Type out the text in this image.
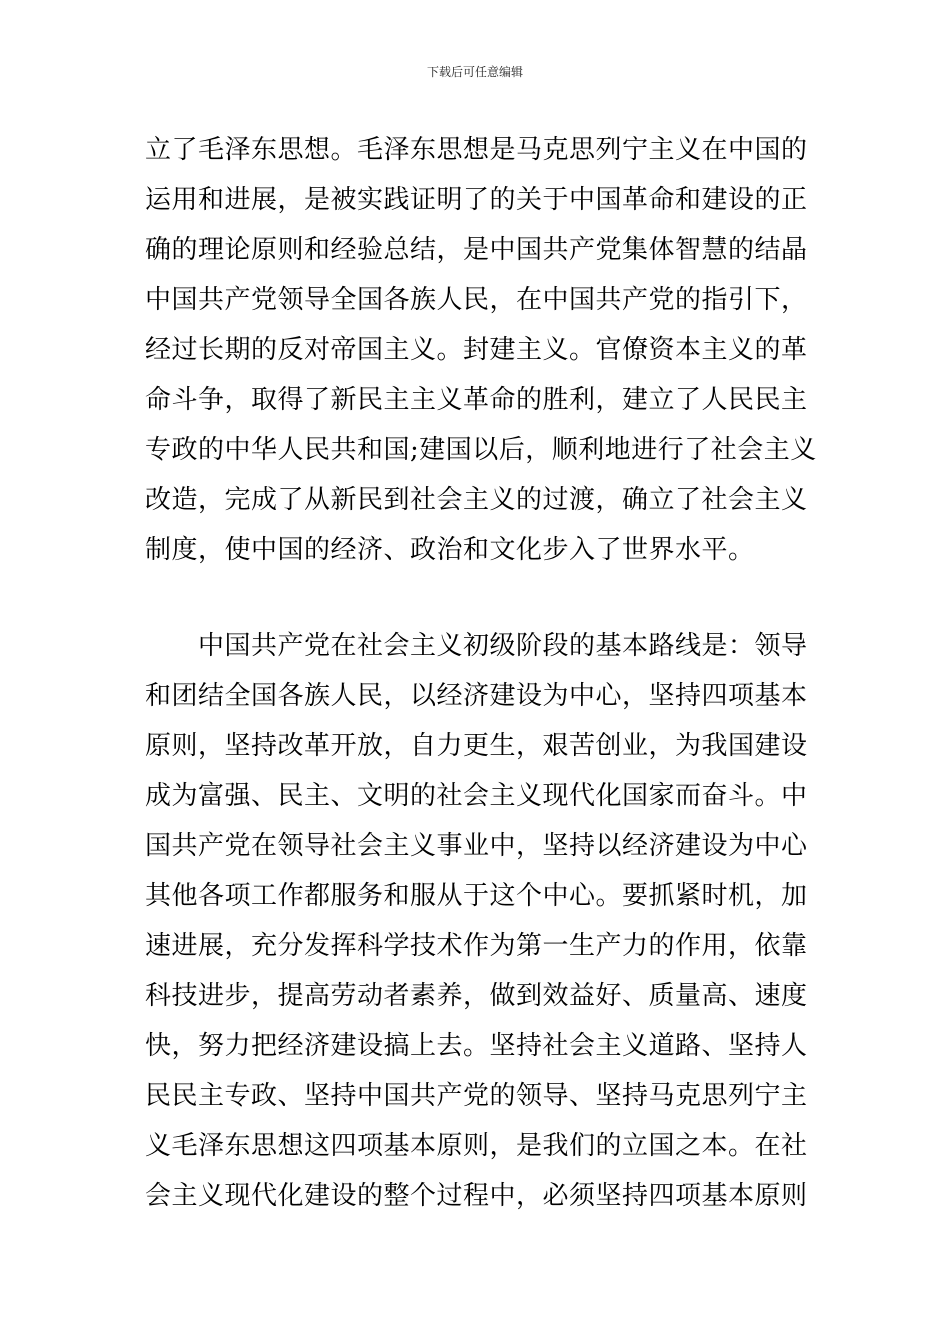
下载后可任意编辑
立了毛泽东思想。毛泽东思想是马克思列宁主义在中国的
运用和进展，是被实践证明了的关于中国革命和建设的正
确的理论原则和经验总结，是中国共产党集体智慧的结晶
中国共产党领导全国各族人民，在中国共产党的指引下，
经过长期的反对帝国主义。封建主义。官僚资本主义的革
命斗争，取得了新民主主义革命的胜利，建立了人民民主
专政的中华人民共和国;建国以后，顺利地进行了社会主义
改造，完成了从新民到社会主义的过渡，确立了社会主义
制度，使中国的经济、政治和文化步入了世界水平。
　　中国共产党在社会主义初级阶段的基本路线是：领导
和团结全国各族人民，以经济建设为中心，坚持四项基本
原则，坚持改革开放，自力更生，艰苦创业，为我国建设
成为富强、民主、文明的社会主义现代化国家而奋斗。中
国共产党在领导社会主义事业中，坚持以经济建设为中心
其他各项工作都服务和服从于这个中心。要抓紧时机，加
速进展，充分发挥科学技术作为第一生产力的作用，依靠
科技进步，提高劳动者素养，做到效益好、质量高、速度
快，努力把经济建设搞上去。坚持社会主义道路、坚持人
民民主专政、坚持中国共产党的领导、坚持马克思列宁主
义毛泽东思想这四项基本原则，是我们的立国之本。在社
会主义现代化建设的整个过程中，必须坚持四项基本原则
